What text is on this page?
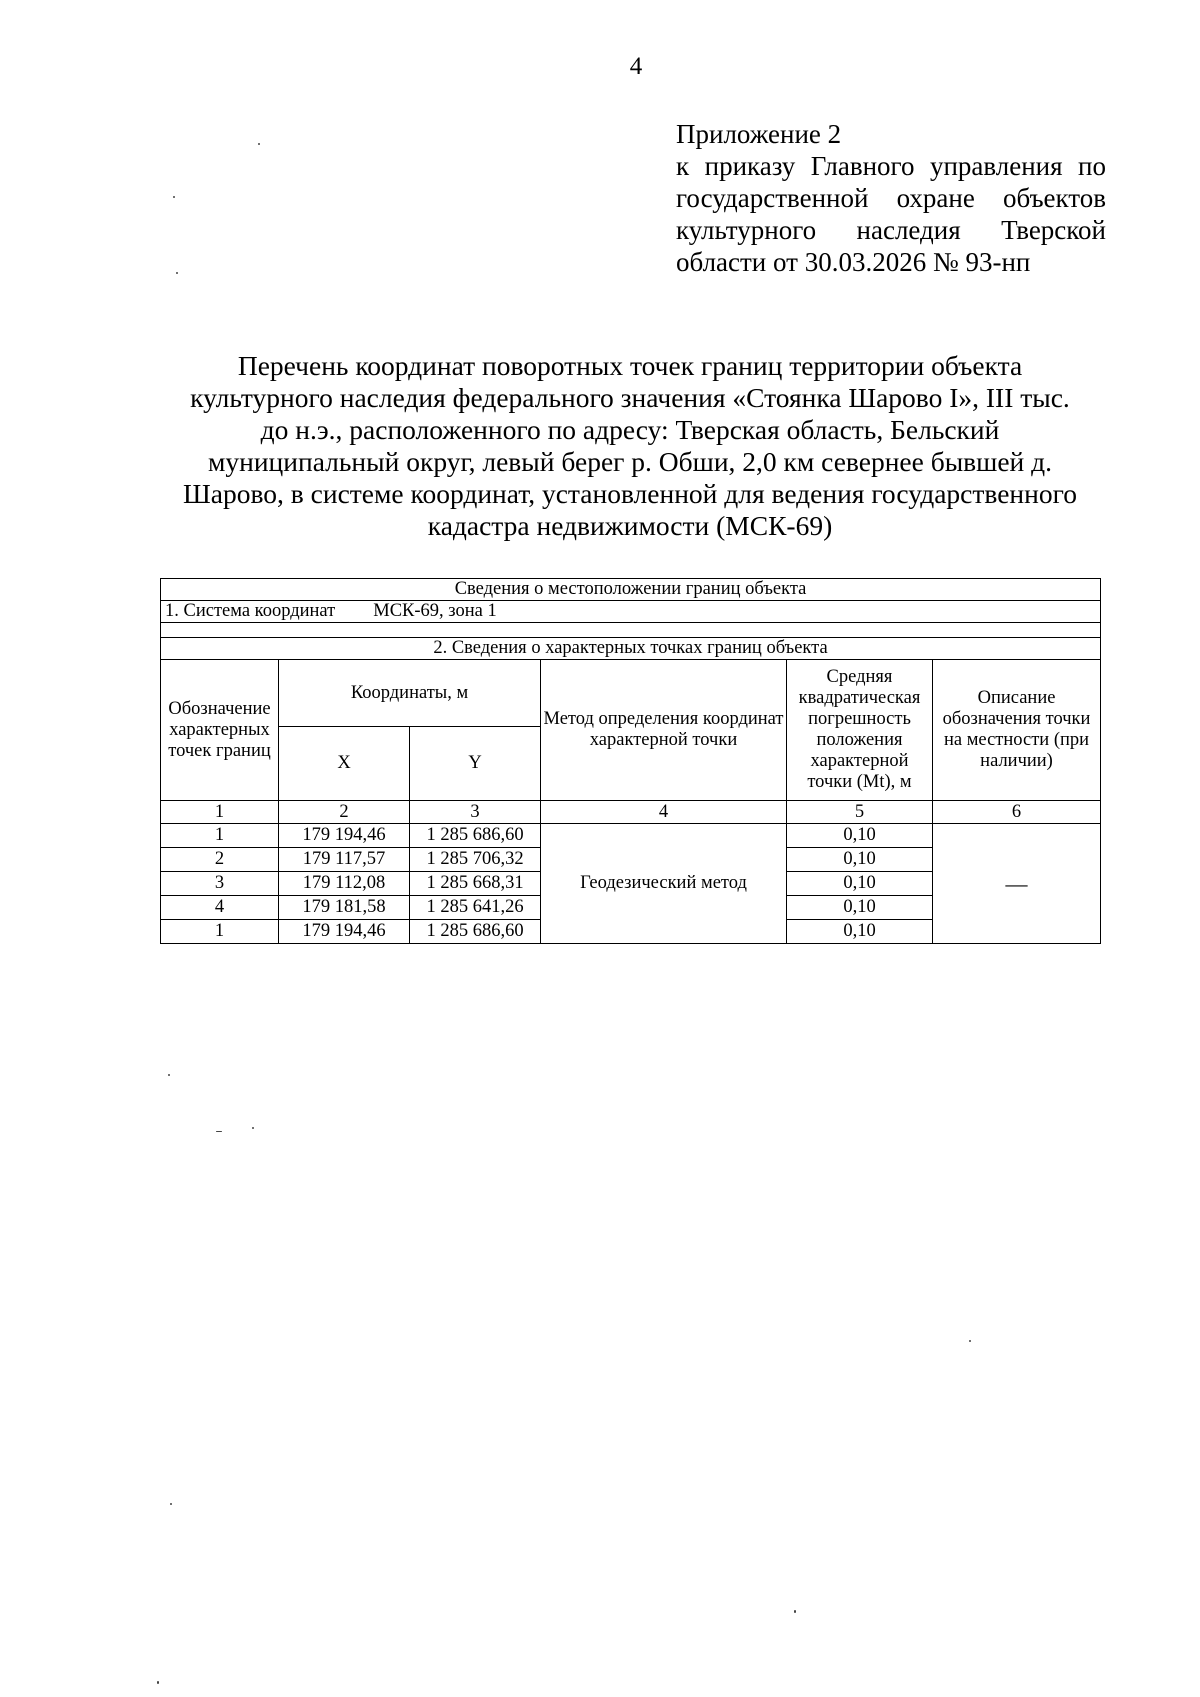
4
Приложение 2
к приказу Главного управления по государственной охране объектов культурного наследия Тверской области от 30.03.2026 № 93-нп
Перечень координат поворотных точек границ территории объекта
культурного наследия федерального значения «Стоянка Шарово I», III тыс.
до н.э., расположенного по адресу: Тверская область, Бельский
муниципальный округ, левый берег р. Обши, 2,0 км севернее бывшей д.
Шарово, в системе координат, установленной для ведения государственного
кадастра недвижимости (МСК-69)
Сведения о местоположении границ объекта					
1. Система координат МСК-69, зона 1					

2. Сведения о характерных точках границ объекта					
Обозначение характерных точек границ	Координаты, м		Метод определения координат характерной точки	Средняя квадратическая погрешность положения характерной точки (Mt), м	Описание обозначения точки на местности (при наличии)
	X	Y			
1	2	3	4	5	6
1	179 194,46	1 285 686,60	Геодезический метод	0,10	—
2	179 117,57	1 285 706,32		0,10	
3	179 112,08	1 285 668,31		0,10	
4	179 181,58	1 285 641,26		0,10	
1	179 194,46	1 285 686,60		0,10	
